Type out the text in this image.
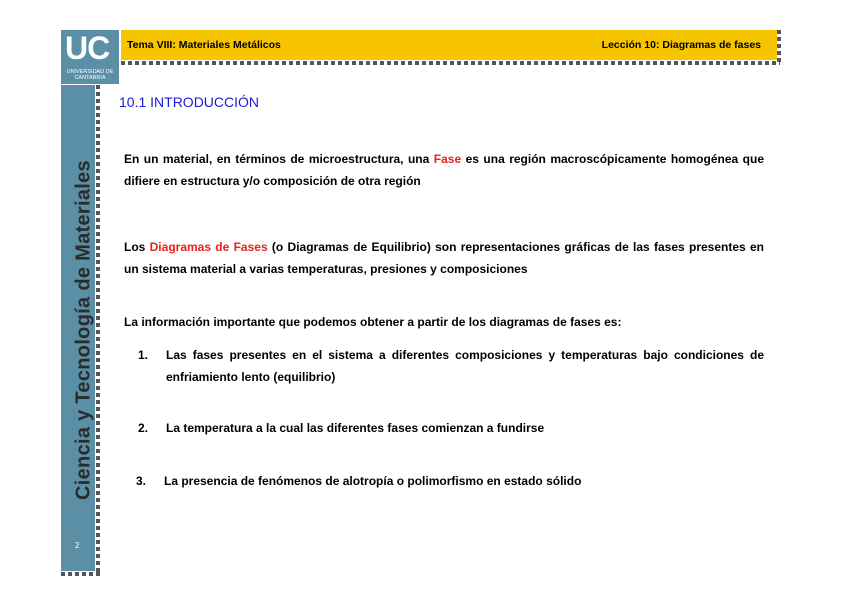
UC
UNIVERSIDAD DE CANTABRIA
Tema VIII: Materiales Metálicos	Lección 10: Diagramas de fases
2
Ciencia y Tecnología de Materiales
10.1 INTRODUCCIÓN
En un material, en términos de microestructura, una Fase es una región macroscópicamente homogénea que difiere en estructura y/o composición de otra región
Los Diagramas de Fases (o Diagramas de Equilibrio) son representaciones gráficas de las fases presentes en un sistema material a varias temperaturas, presiones y composiciones
La información importante que podemos obtener a partir de los diagramas de fases es:
1. Las fases presentes en el sistema a diferentes composiciones y temperaturas bajo condiciones de enfriamiento lento (equilibrio)
2. La temperatura a la cual las diferentes fases comienzan a fundirse
3. La presencia de fenómenos de alotropía o polimorfismo en estado sólido
